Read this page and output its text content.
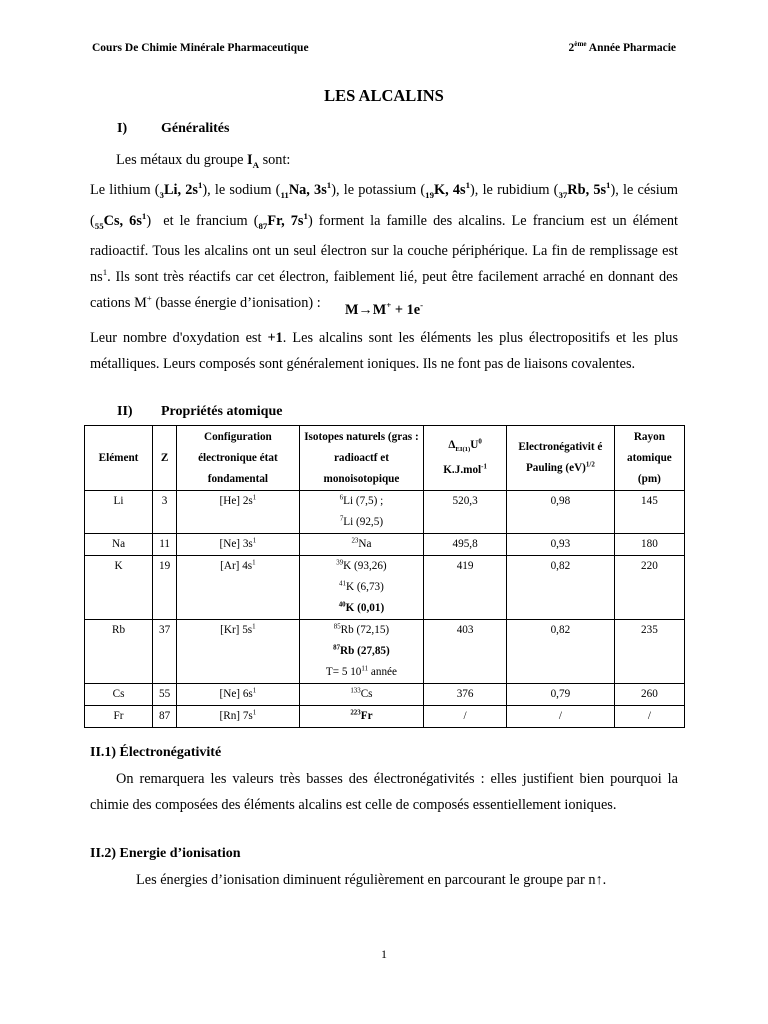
Cours De Chimie Minérale Pharmaceutique	2ème Année Pharmacie
LES ALCALINS
I) Généralités
Les métaux du groupe $I_A$ sont:
Le lithium ($_3Li$, $2s^1$), le sodium ($_{11}Na$, $3s^1$), le potassium ($_{19}K$, $4s^1$), le rubidium ($_{37}Rb$, $5s^1$), le césium ($_{55}Cs$, $6s^1$)  et le francium ($_{87}Fr$, $7s^1$) forment la famille des alcalins. Le francium est un élément radioactif. Tous les alcalins ont un seul électron sur la couche périphérique. La fin de remplissage est $ns^1$. Ils sont très réactifs car cet électron, faiblement lié, peut être facilement arraché en donnant des cations M+ (basse énergie d’ionisation) :	M→M+ + 1e-
Leur nombre d'oxydation est +1. Les alcalins sont les éléments les plus électropositifs et les plus métalliques. Leurs composés sont généralement ioniques. Ils ne font pas de liaisons covalentes.
II) Propriétés atomique
Elément	Z	Configuration électronique état fondamental	Isotopes naturels (gras : radioactf et monoisotopique	$\Delta_{EI(1)}U^0$
K.J.mol$^{-1}$	Electronégativit é Pauling (eV)$^{1/2}$	Rayon atomique (pm)
Li	3	[He] $2s^1$	$^6$Li (7,5) ;
$^7$Li (92,5)	520,3	0,98	145
Na	11	[Ne] $3s^1$	$^{23}$Na	495,8	0,93	180
K	19	[Ar] $4s^1$	$^{39}$K (93,26)
$^{41}$K (6,73)
$^{40}$K (0,01)	419	0,82	220
Rb	37	[Kr] $5s^1$	$^{85}$Rb (72,15)
$^{87}$Rb (27,85)
T= 5 $10^{11}$ année	403	0,82	235
Cs	55	[Ne] $6s^1$	$^{133}$Cs	376	0,79	260
Fr	87	[Rn] $7s^1$	$^{223}$Fr	/	/	/
II.1) Électronégativité
On remarquera les valeurs très basses des électronégativités : elles justifient bien pourquoi la chimie des composées des éléments alcalins est celle de composés essentiellement ioniques.
II.2) Energie d’ionisation
Les énergies d’ionisation diminuent régulièrement en parcourant le groupe par n↑.
1
